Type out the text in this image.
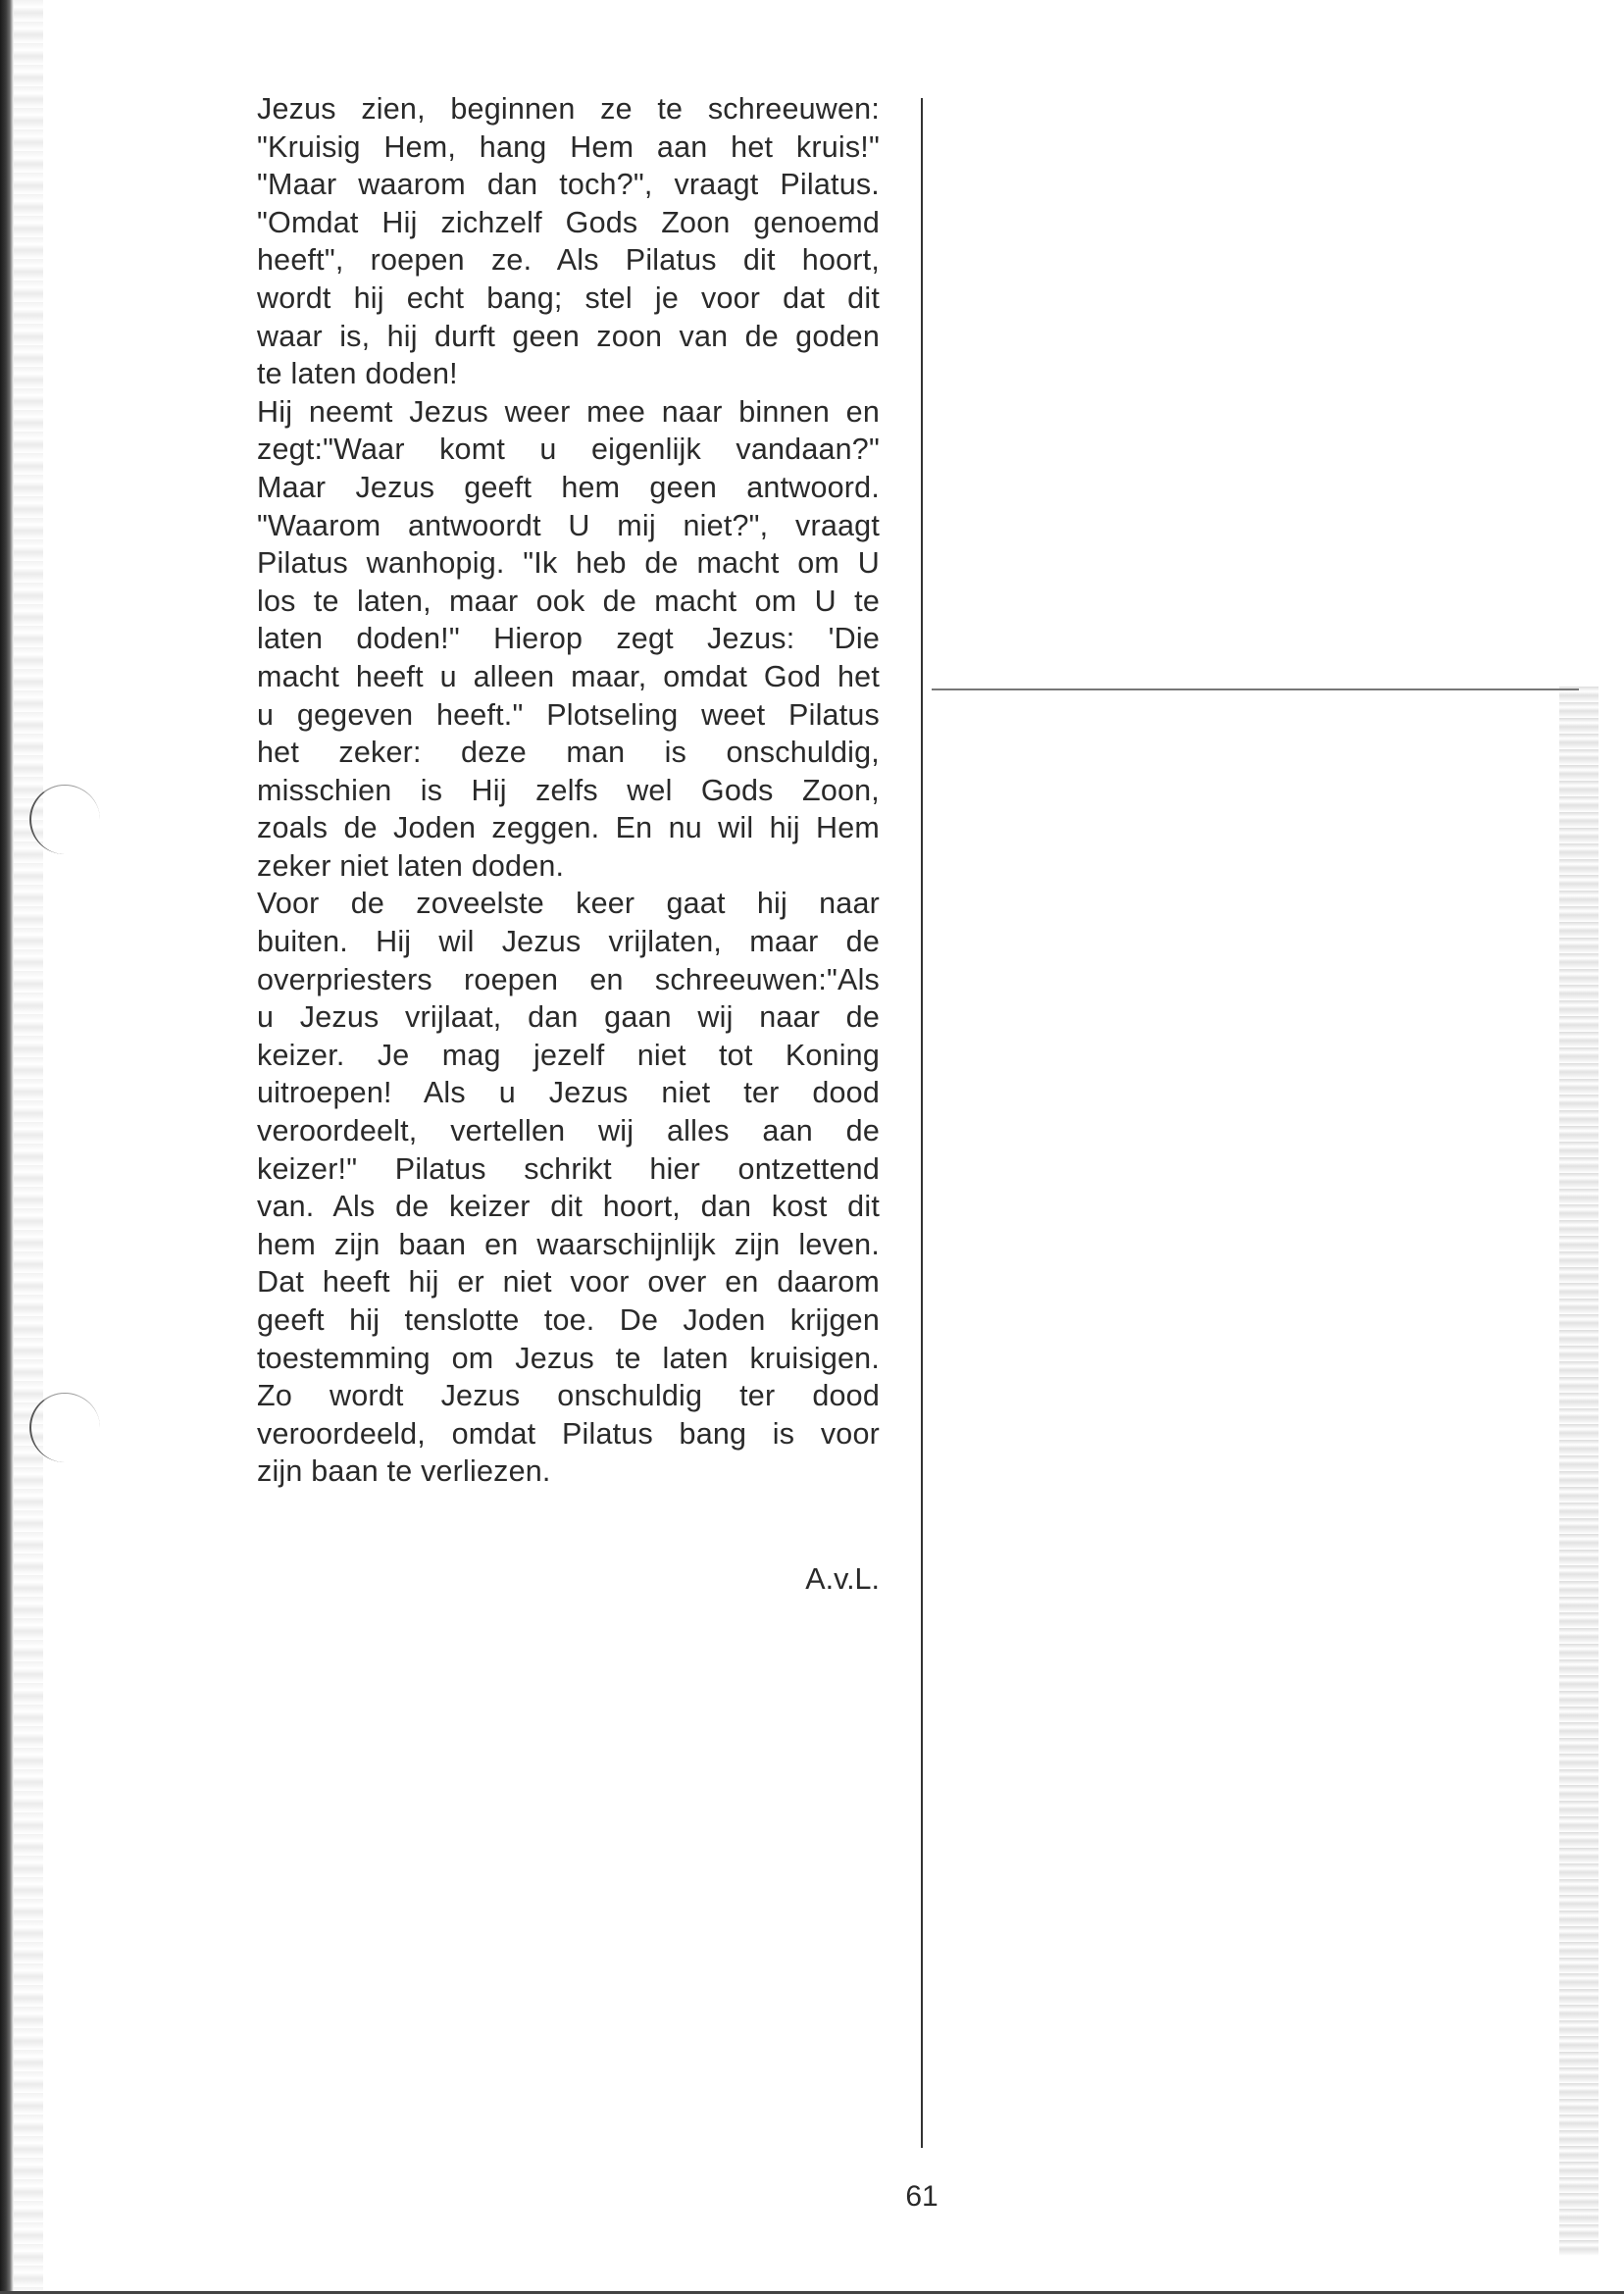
Jezus zien, beginnen ze te schreeuwen:
"Kruisig Hem, hang Hem aan het kruis!"
"Maar waarom dan toch?", vraagt Pilatus.
"Omdat Hij zichzelf Gods Zoon genoemd
heeft", roepen ze. Als Pilatus dit hoort,
wordt hij echt bang; stel je voor dat dit
waar is, hij durft geen zoon van de goden
te laten doden!
Hij neemt Jezus weer mee naar binnen en
zegt:"Waar komt u eigenlijk vandaan?"
Maar Jezus geeft hem geen antwoord.
"Waarom antwoordt U mij niet?", vraagt
Pilatus wanhopig. "Ik heb de macht om U
los te laten, maar ook de macht om U te
laten doden!" Hierop zegt Jezus: 'Die
macht heeft u alleen maar, omdat God het
u gegeven heeft." Plotseling weet Pilatus
het zeker: deze man is onschuldig,
misschien is Hij zelfs wel Gods Zoon,
zoals de Joden zeggen. En nu wil hij Hem
zeker niet laten doden.
Voor de zoveelste keer gaat hij naar
buiten. Hij wil Jezus vrijlaten, maar de
overpriesters roepen en schreeuwen:"Als
u Jezus vrijlaat, dan gaan wij naar de
keizer. Je mag jezelf niet tot Koning
uitroepen! Als u Jezus niet ter dood
veroordeelt, vertellen wij alles aan de
keizer!" Pilatus schrikt hier ontzettend
van. Als de keizer dit hoort, dan kost dit
hem zijn baan en waarschijnlijk zijn leven.
Dat heeft hij er niet voor over en daarom
geeft hij tenslotte toe. De Joden krijgen
toestemming om Jezus te laten kruisigen.
Zo wordt Jezus onschuldig ter dood
veroordeeld, omdat Pilatus bang is voor
zijn baan te verliezen.
A.v.L.
61
